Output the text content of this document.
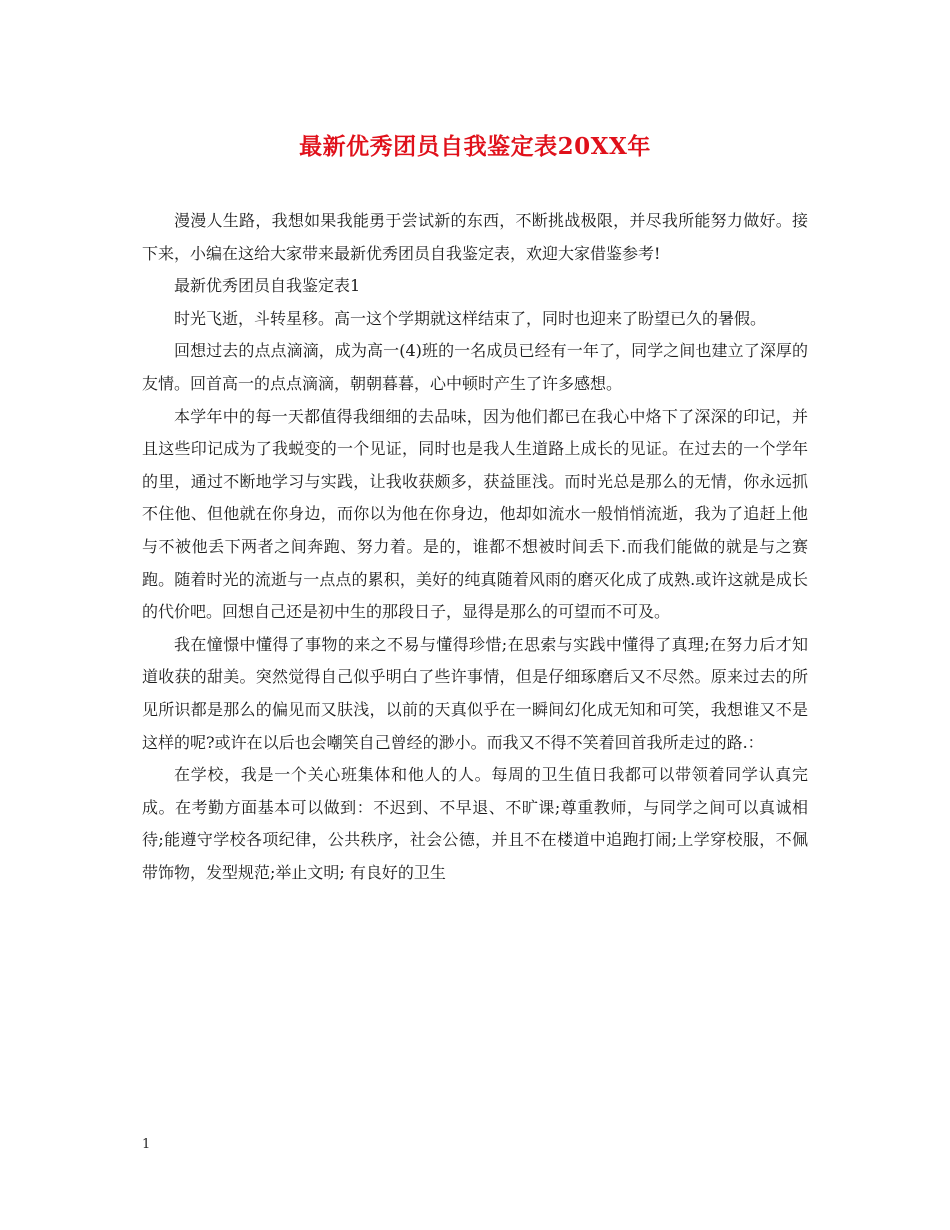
最新优秀团员自我鉴定表20XX年

漫漫人生路，我想如果我能勇于尝试新的东西，不断挑战极限，并尽我所能努力做好。接下来，小编在这给大家带来最新优秀团员自我鉴定表，欢迎大家借鉴参考!

最新优秀团员自我鉴定表1

时光飞逝，斗转星移。高一这个学期就这样结束了，同时也迎来了盼望已久的暑假。

回想过去的点点滴滴，成为高一(4)班的一名成员已经有一年了，同学之间也建立了深厚的友情。回首高一的点点滴滴，朝朝暮暮，心中顿时产生了许多感想。

本学年中的每一天都值得我细细的去品味，因为他们都已在我心中烙下了深深的印记，并且这些印记成为了我蜕变的一个见证，同时也是我人生道路上成长的见证。在过去的一个学年的里，通过不断地学习与实践，让我收获颇多，获益匪浅。而时光总是那么的无情，你永远抓不住他、但他就在你身边，而你以为他在你身边，他却如流水一般悄悄流逝，我为了追赶上他与不被他丢下两者之间奔跑、努力着。是的，谁都不想被时间丢下.而我们能做的就是与之赛跑。随着时光的流逝与一点点的累积，美好的纯真随着风雨的磨灭化成了成熟.或许这就是成长的代价吧。回想自己还是初中生的那段日子，显得是那么的可望而不可及。

我在憧憬中懂得了事物的来之不易与懂得珍惜;在思索与实践中懂得了真理;在努力后才知道收获的甜美。突然觉得自己似乎明白了些许事情，但是仔细琢磨后又不尽然。原来过去的所见所识都是那么的偏见而又肤浅，以前的天真似乎在一瞬间幻化成无知和可笑，我想谁又不是这样的呢?或许在以后也会嘲笑自己曾经的渺小。而我又不得不笑着回首我所走过的路.：

在学校，我是一个关心班集体和他人的人。每周的卫生值日我都可以带领着同学认真完成。在考勤方面基本可以做到：不迟到、不早退、不旷课;尊重教师，与同学之间可以真诚相待;能遵守学校各项纪律，公共秩序，社会公德，并且不在楼道中追跑打闹;上学穿校服，不佩带饰物，发型规范;举止文明; 有良好的卫生

1
